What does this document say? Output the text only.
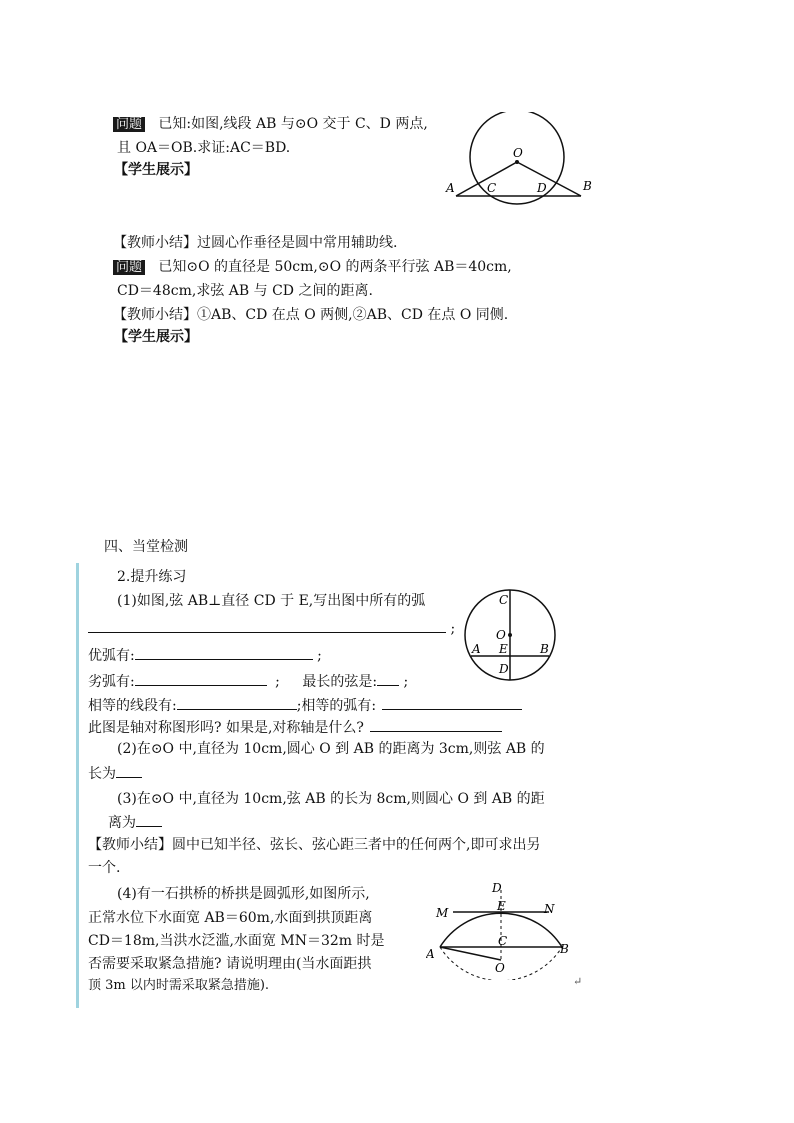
问题 已知:如图,线段 AB 与⊙O 交于 C、D 两点,
且 OA＝OB.求证:AC＝BD.
【学生展示】
O
A	C	D	B
【教师小结】过圆心作垂径是圆中常用辅助线.
问题 已知⊙O 的直径是 50cm,⊙O 的两条平行弦 AB＝40cm,
CD＝48cm,求弦 AB 与 CD 之间的距离.
【教师小结】①AB、CD 在点 O 两侧,②AB、CD 在点 O 同侧.
【学生展示】
四、当堂检测
2.提升练习
(1)如图,弦 AB⊥直径 CD 于 E,写出图中所有的弧
;
优弧有:	;
劣弧有:	; 最长的弦是: ;
相等的线段有:	;相等的弧有:
此图是轴对称图形吗? 如果是,对称轴是什么?
C
O
A E	B
D
(2)在⊙O 中,直径为 10cm,圆心 O 到 AB 的距离为 3cm,则弦 AB 的
长为
(3)在⊙O 中,直径为 10cm,弦 AB 的长为 8cm,则圆心 O 到 AB 的距
离为
【教师小结】圆中已知半径、弦长、弦心距三者中的任何两个,即可求出另
一个.
(4)有一石拱桥的桥拱是圆弧形,如图所示,
正常水位下水面宽 AB＝60m,水面到拱顶距离
CD＝18m,当洪水泛滥,水面宽 MN＝32m 时是
否需要采取紧急措施? 请说明理由(当水面距拱
顶 3m 以内时需采取紧急措施).
D
M	E	N
C
A	B
O
↵
